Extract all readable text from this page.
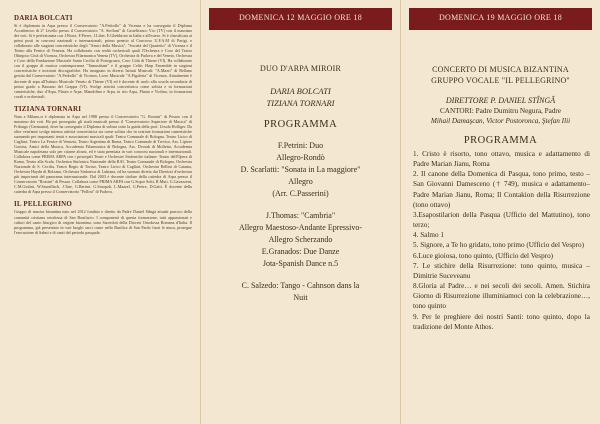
DARIA BOLCATI

Si è diplomata in Arpa presso il Conservatorio "A.Pedrollo" di Vicenza e ha conseguito il Diploma Accademico di 2° Livello presso il Conservatorio "A. Steffani" di Castelfranco V.to (TV) con il massimo dei voti. Si è perfezionata con J.Borot, F.Pierre, J.Liber, E.Ghebbioni in Italia e all'estero. Si è classificata ai primi posti in concorsi nazionali e internazionali, primo premio al Concorso U.F.A.M di Parigi, e collaborato alle stagioni concertistiche degli "Amici della Musica", "Società del Quartetto" di Vicenza e il Teatro alla Fenice di Venezia. Ha collaborato con realtà orchestrali quali l'Orchestra e Coro del Teatro Olimpico Città di Vicenza, Orchestra Filarmonica Veneta (TV), Orchestra di Padova e del Veneto, Orchestra e Coro della Fondazione Musicale Santa Cecilia di Portogruaro, Coro Città di Thiene (VI). Ha collaborato con il gruppo di musica contemporanea "Tamusittam" e il gruppo Celtic Harp Ensemble in stagioni concertistiche e incisioni discografiche. Ha insegnato in diversi Istituti Musicali: "A.Mazri" di Bellano gestita dal Conservatorio "A.Pedrollo" di Vicenza, Liceo Musicale "A.Pigafetta" di Vicenza. Attualmente è docente di arpa all'Istituto Musicale Veneto di Thiene (VI) ed è docente di ruolo alla scuola secondaria di primo grado a Bassano del Grappa (VI). Svolge attività concertistica come solista e in formazioni cameristiche, duo d'Arpa, Flauto e Arpa, Mandolino e Arpa, in trio Arpa, Flauto e Violino, in formazioni corali e orchestrali.

TIZIANA TORNARI

Nata a Milano,si è diplomata in Arpa nel 1988 presso il Conservatorio "G. Rossini" di Pesaro con il massimo dei voti. Ha poi proseguito gli studi musicali presso il "Conservatorio Superiore di Musica" di Friburgo (Germania), dove ha conseguito il Diploma di solista sotto la guida della prof. Ursula Holliger. Da oltre vent'anni svolge intensa attività concertistica sia come solista che in svariate formazioni cameristiche suonando per importanti teatri e associazioni musicali quali: Teatro Comunale di Bologna, Teatro Lirico di Cagliari, Teatro La Fenice di Venezia, Teatro Argentina di Roma, Teatro Comunale di Treviso, Ass. Lipizer Gorizia, Amici della Musica, Accademia Filarmonica di Bologna, Ass. Dvorak di Molfetta, Accademia Musicale napoletana solo per citarne alcuni, ed è stata premiata in vari concorsi nazionali e internazionali. Collabora come PRIMA ARPA con i principali Teatri e Orchestre Sinfoniche italiane: Teatro dell'Opera di Roma, Teatro alla Scala, Orchestra Sinfonica Nazionale della RAI, Teatro Comunale di Bologna, Orchestra Nazionale di S. Cecilia, Teatro Regio di Torino, Teatro Lirico di Cagliari, Orchestra Bellini di Catania, Orchestra Haydn di Bolzano, Orchestra Sinfonica di Lubiana, ed ha suonato diretta dai Direttori d'orchestra più importanti del panorama internazionale. Dal 2003 è docente titolare della cattedra di Arpa presso il Conservatorio "Rossini" di Pesaro. Collabora come PRIMA ARPA con G.Sopor Solti, R.Muti, G.Gavazzeni, C.M.Giulini, W.Sawallisch, J.Tate, G.Bertini, G.Sinopoli, L.Maazel, G.Pretre, D.Gatti. È docente della cattedra di Arpa presso il Conservatorio "Pollini" di Padova.

IL PELLEGRINO

Gruppo di musica bizantina nato nel 2012 fondato e diretto da Padre Daniel Stîngă attuale parroco della comunità cristiana ortodossa di San Bonifacio. I componenti di questa formazione, tutti appassionati e cultori del canto liturgico di origine bizantina, sono Sacerdoti della Diocesi Ortodossa Romena d'Italia. Il programma, già presentato in vari luoghi sacri come nella Basilica di San Paolo fuori le mura, prosegue l'esecuzione di Salmi e di canti del periodo pasquale.

DOMENICA 12 MAGGIO ORE 18

DUO D'ARPA MIROIR

DARIA BOLCATI

TIZIANA TORNARI

PROGRAMMA

F.Petrini: Duo
Allegro-Rondò
D. Scarlatti: "Sonata in La maggiore"
Allegro
(Arr. C.Passerini)
J.Thomas: "Cambria"
Allegro Maestoso-Andante Epressivo-
Allegro Scherzando
E.Granados: Due Danze
Jota-Spanish Dance n.5
C. Salzedo: Tango - Cahnson dans la
Nuit
DOMENICA 19 MAGGIO ORE 18

CONCERTO DI MUSICA BIZANTINA

GRUPPO VOCALE "IL PELLEGRINO"

DIRETTORE P. DANIEL STÎNGĂ

CANTORI: Padre Dumitru Negura, Padre

Mihail Damaşcan, Victor Postoronca, Ştefan Ilii

PROGRAMMA

1. Cristo è risorto, tono ottavo, musica e adattamento di Padre Marian Jianu, Roma

2. Il canone della Domenica di Pasqua, tono primo, testo – San Giovanni Damesceno († 749), musica e adattamento– Padre Marian Jianu, Roma; Il Contakion della Risurrezione (tono ottavo)

3.Esapostilarion della Pasqua (Ufficio del Mattutino), tono terzo;

4. Salmo 1

5. Signore, a Te ho gridato, tono primo (Ufficio del Vespro)

6.Luce gioiosa, tono quinto, (Ufficio del Vespro)

7. Le stichire della Risurrezione: tono quinto, musica – Dimitrie Suceveanu

8.Gloria al Padre… e nei secoli dei secoli. Amen. Stichira Giorno di Risurrezione illuminiamoci con la celebrazione…, tono quinto

9. Per le preghiere dei nostri Santi: tono quinto, dopo la tradizione del Monte Athos.
